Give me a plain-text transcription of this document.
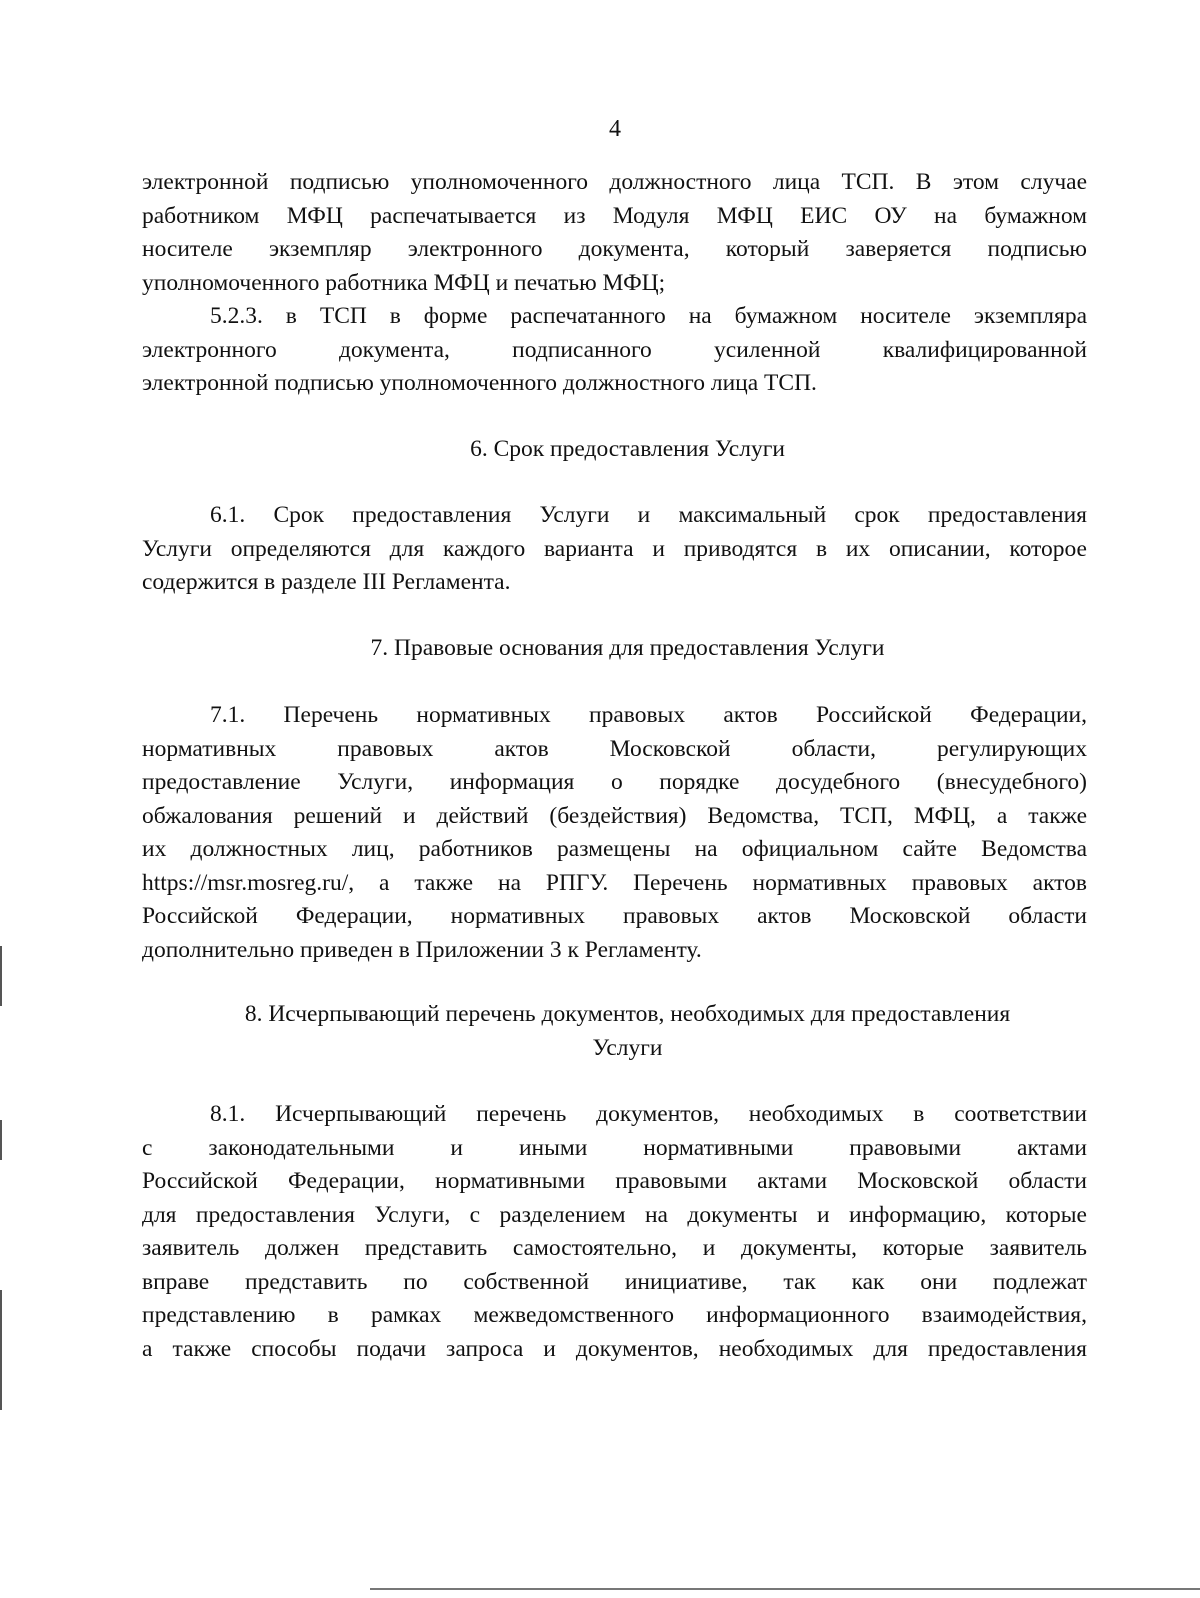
4
электронной подписью уполномоченного должностного лица ТСП. В этом случае
работником МФЦ распечатывается из Модуля МФЦ ЕИС ОУ на бумажном
носителе экземпляр электронного документа, который заверяется подписью
уполномоченного работника МФЦ и печатью МФЦ;
5.2.3. в ТСП в форме распечатанного на бумажном носителе экземпляра
электронного документа, подписанного усиленной квалифицированной
электронной подписью уполномоченного должностного лица ТСП.
6. Срок предоставления Услуги
6.1. Срок предоставления Услуги и максимальный срок предоставления
Услуги определяются для каждого варианта и приводятся в их описании, которое
содержится в разделе III Регламента.
7. Правовые основания для предоставления Услуги
7.1. Перечень нормативных правовых актов Российской Федерации,
нормативных правовых актов Московской области, регулирующих
предоставление Услуги, информация о порядке досудебного (внесудебного)
обжалования решений и действий (бездействия) Ведомства, ТСП, МФЦ, а также
их должностных лиц, работников размещены на официальном сайте Ведомства
https://msr.mosreg.ru/, а также на РПГУ. Перечень нормативных правовых актов
Российской Федерации, нормативных правовых актов Московской области
дополнительно приведен в Приложении 3 к Регламенту.
8. Исчерпывающий перечень документов, необходимых для предоставления
Услуги
8.1. Исчерпывающий перечень документов, необходимых в соответствии
с законодательными и иными нормативными правовыми актами
Российской Федерации, нормативными правовыми актами Московской области
для предоставления Услуги, с разделением на документы и информацию, которые
заявитель должен представить самостоятельно, и документы, которые заявитель
вправе представить по собственной инициативе, так как они подлежат
представлению в рамках межведомственного информационного взаимодействия,
а также способы подачи запроса и документов, необходимых для предоставления
